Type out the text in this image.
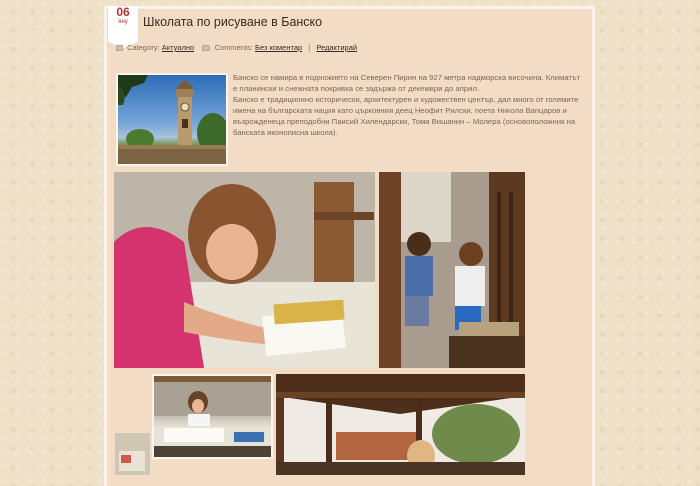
06
яну	Школата по рисуване в Банско
Category: Актуално	Comments: Без коментар | Редактирай

Банско се намира в подножието на Северен Пирин на 927 метра надморска височина. Климатът е планински и снежната покривка се задържа от декември до април.

Банско е традиционно исторически, архитектурен и художествен център, дал много от големите имена на българската нация като църковния деец Неофит Рилски, поета Никола Вапцаров и възрожденеца преподобни Паисий Хилендарски, Тома Вишанин – Молера (основоположник на банската иконописна школа).
